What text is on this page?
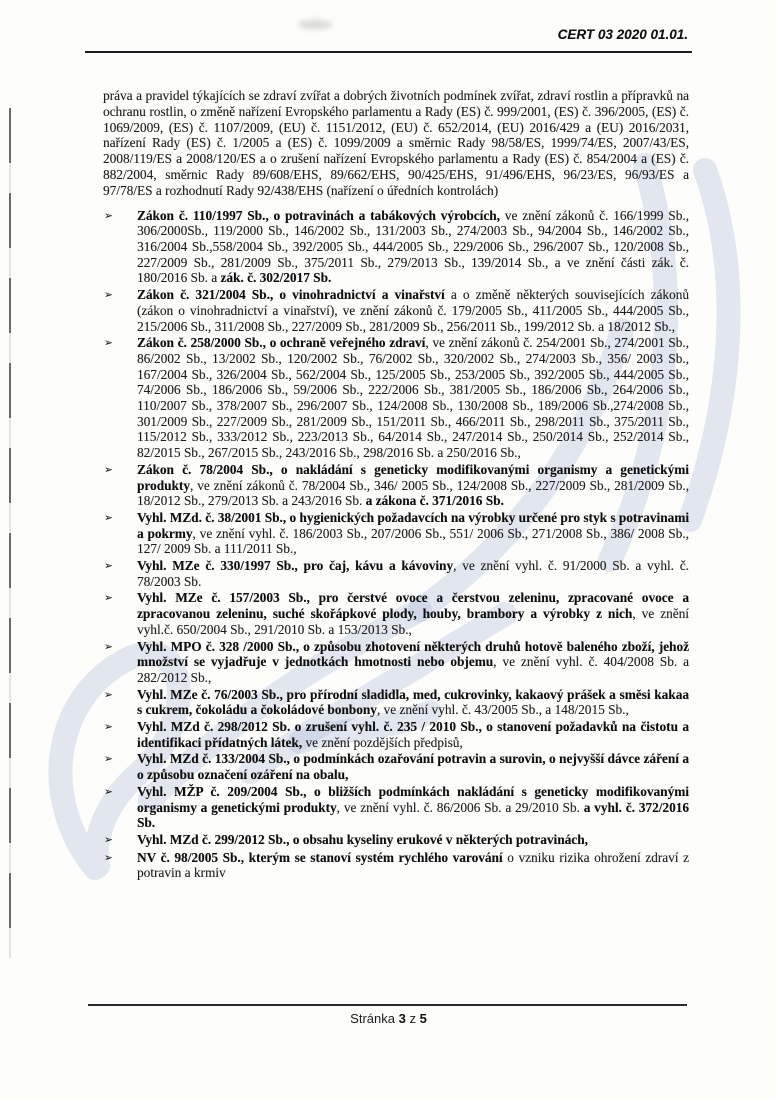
CERT 03 2020 01.01.

práva a pravidel týkajících se zdraví zvířat a dobrých životních podmínek zvířat, zdraví rostlin a přípravků na ochranu rostlin, o změně nařízení Evropského parlamentu a Rady (ES) č. 999/2001, (ES) č. 396/2005, (ES) č. 1069/2009, (ES) č. 1107/2009, (EU) č. 1151/2012, (EU) č. 652/2014, (EU) 2016/429 a (EU) 2016/2031, nařízení Rady (ES) č. 1/2005 a (ES) č. 1099/2009 a směrnic Rady 98/58/ES, 1999/74/ES, 2007/43/ES, 2008/119/ES a 2008/120/ES a o zrušení nařízení Evropského parlamentu a Rady (ES) č. 854/2004 a (ES) č. 882/2004, směrnic Rady 89/608/EHS, 89/662/EHS, 90/425/EHS, 91/496/EHS, 96/23/ES, 96/93/ES a 97/78/ES a rozhodnutí Rady 92/438/EHS (nařízení o úředních kontrolách)

➢	Zákon č. 110/1997 Sb., o potravinách a tabákových výrobcích, ve znění zákonů č. 166/1999 Sb., 306/2000Sb., 119/2000 Sb., 146/2002 Sb., 131/2003 Sb., 274/2003 Sb., 94/2004 Sb., 146/2002 Sb., 316/2004 Sb.,558/2004 Sb., 392/2005 Sb., 444/2005 Sb., 229/2006 Sb., 296/2007 Sb., 120/2008 Sb., 227/2009 Sb., 281/2009 Sb., 375/2011 Sb., 279/2013 Sb., 139/2014 Sb., a ve znění části zák. č. 180/2016 Sb. a zák. č. 302/2017 Sb.

➢	Zákon č. 321/2004 Sb., o vinohradnictví a vinařství a o změně některých souvisejících zákonů (zákon o vinohradnictví a vinařství), ve znění zákonů č. 179/2005 Sb., 411/2005 Sb., 444/2005 Sb., 215/2006 Sb., 311/2008 Sb., 227/2009 Sb., 281/2009 Sb., 256/2011 Sb., 199/2012 Sb. a 18/2012 Sb.,

➢	Zákon č. 258/2000 Sb., o ochraně veřejného zdraví, ve znění zákonů č. 254/2001 Sb., 274/2001 Sb., 86/2002 Sb., 13/2002 Sb., 120/2002 Sb., 76/2002 Sb., 320/2002 Sb., 274/2003 Sb., 356/ 2003 Sb., 167/2004 Sb., 326/2004 Sb., 562/2004 Sb., 125/2005 Sb., 253/2005 Sb., 392/2005 Sb., 444/2005 Sb., 74/2006 Sb., 186/2006 Sb., 59/2006 Sb., 222/2006 Sb., 381/2005 Sb., 186/2006 Sb., 264/2006 Sb., 110/2007 Sb., 378/2007 Sb., 296/2007 Sb., 124/2008 Sb., 130/2008 Sb., 189/2006 Sb.,274/2008 Sb., 301/2009 Sb., 227/2009 Sb., 281/2009 Sb., 151/2011 Sb., 466/2011 Sb., 298/2011 Sb., 375/2011 Sb., 115/2012 Sb., 333/2012 Sb., 223/2013 Sb., 64/2014 Sb., 247/2014 Sb., 250/2014 Sb., 252/2014 Sb., 82/2015 Sb., 267/2015 Sb., 243/2016 Sb., 298/2016 Sb. a 250/2016 Sb.,

➢	Zákon č. 78/2004 Sb., o nakládání s geneticky modifikovanými organismy a genetickými produkty, ve znění zákonů č. 78/2004 Sb., 346/ 2005 Sb., 124/2008 Sb., 227/2009 Sb., 281/2009 Sb., 18/2012 Sb., 279/2013 Sb. a 243/2016 Sb. a zákona č. 371/2016 Sb.

➢	Vyhl. MZd. č. 38/2001 Sb., o hygienických požadavcích na výrobky určené pro styk s potravinami a pokrmy, ve znění vyhl. č. 186/2003 Sb., 207/2006 Sb., 551/ 2006 Sb., 271/2008 Sb., 386/ 2008 Sb., 127/ 2009 Sb. a 111/2011 Sb.,

➢	Vyhl. MZe č. 330/1997 Sb., pro čaj, kávu a kávoviny, ve znění vyhl. č. 91/2000 Sb. a vyhl. č. 78/2003 Sb.

➢	Vyhl. MZe č. 157/2003 Sb., pro čerstvé ovoce a čerstvou zeleninu, zpracované ovoce a zpracovanou zeleninu, suché skořápkové plody, houby, brambory a výrobky z nich, ve znění vyhl.č. 650/2004 Sb., 291/2010 Sb. a 153/2013 Sb.,

➢	Vyhl. MPO č. 328 /2000 Sb., o způsobu zhotovení některých druhů hotově baleného zboží, jehož množství se vyjadřuje v jednotkách hmotnosti nebo objemu, ve znění vyhl. č. 404/2008 Sb. a 282/2012 Sb.,

➢	Vyhl. MZe č. 76/2003 Sb., pro přírodní sladidla, med, cukrovinky, kakaový prášek a směsi kakaa s cukrem, čokoládu a čokoládové bonbony, ve znění vyhl. č. 43/2005 Sb., a 148/2015 Sb.,

➢	Vyhl. MZd č. 298/2012 Sb. o zrušení vyhl. č. 235 / 2010 Sb., o stanovení požadavků na čistotu a identifikaci přídatných látek, ve znění pozdějších předpisů,

➢	Vyhl. MZd č. 133/2004 Sb., o podmínkách ozařování potravin a surovin, o nejvyšší dávce záření a o způsobu označení ozáření na obalu,

➢	Vyhl. MŽP č. 209/2004 Sb., o bližších podmínkách nakládání s geneticky modifikovanými organismy a genetickými produkty, ve znění vyhl. č. 86/2006 Sb. a 29/2010 Sb. a vyhl. č. 372/2016 Sb.

➢	Vyhl. MZd č. 299/2012 Sb., o obsahu kyseliny erukové v některých potravinách,

➢	NV č. 98/2005 Sb., kterým se stanoví systém rychlého varování o vzniku rizika ohrožení zdraví z potravin a krmiv

Stránka 3 z 5
